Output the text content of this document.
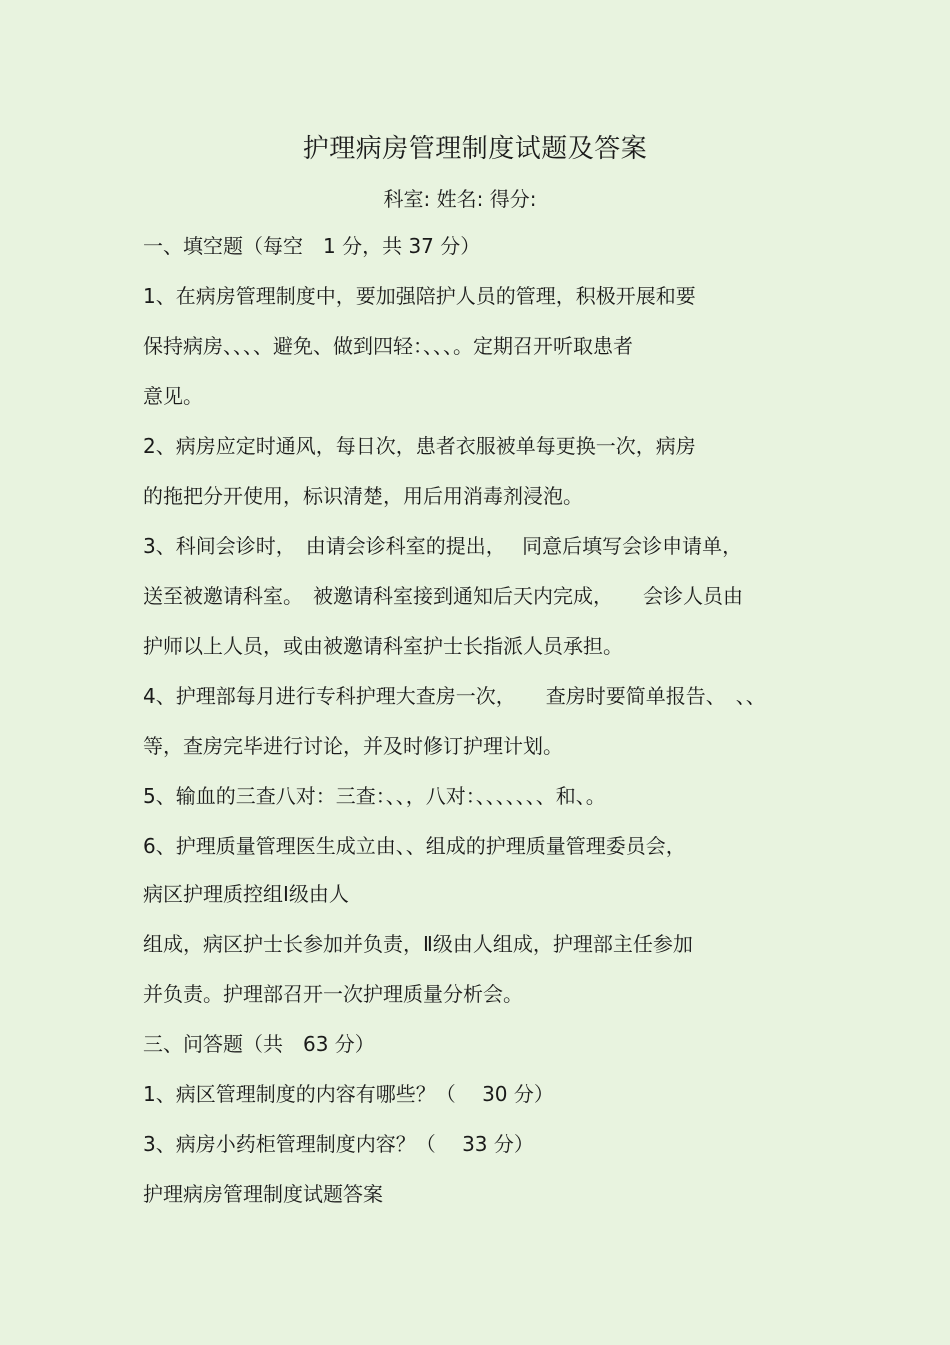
护理病房管理制度试题及答案
科室: 姓名: 得分:
一、填空题（每空　1 分，共 37 分）
1、在病房管理制度中，要加强陪护人员的管理，积极开展和要
保持病房、、、、避免、做到四轻：、、、。定期召开听取患者
意见。
2、病房应定时通风，每日次，患者衣服被单每更换一次，病房
的拖把分开使用，标识清楚，用后用消毒剂浸泡。
3、科间会诊时，　由请会诊科室的提出，　 同意后填写会诊申请单，
送至被邀请科室。　被邀请科室接到通知后天内完成，　　会诊人员由
护师以上人员，或由被邀请科室护士长指派人员承担。
4、护理部每月进行专科护理大查房一次，　　查房时要简单报告、　、、
等，查房完毕进行讨论，并及时修订护理计划。
5、输血的三查八对：三查：、、，八对：、、、、、、、和、。
6、护理质量管理医生成立由、、组成的护理质量管理委员会，
病区护理质控组Ⅰ级由人
组成，病区护士长参加并负责，Ⅱ级由人组成，护理部主任参加
并负责。护理部召开一次护理质量分析会。
三、问答题（共　63 分）
1、病区管理制度的内容有哪些？（　 30 分）
3、病房小药柜管理制度内容？（　 33 分）
护理病房管理制度试题答案
